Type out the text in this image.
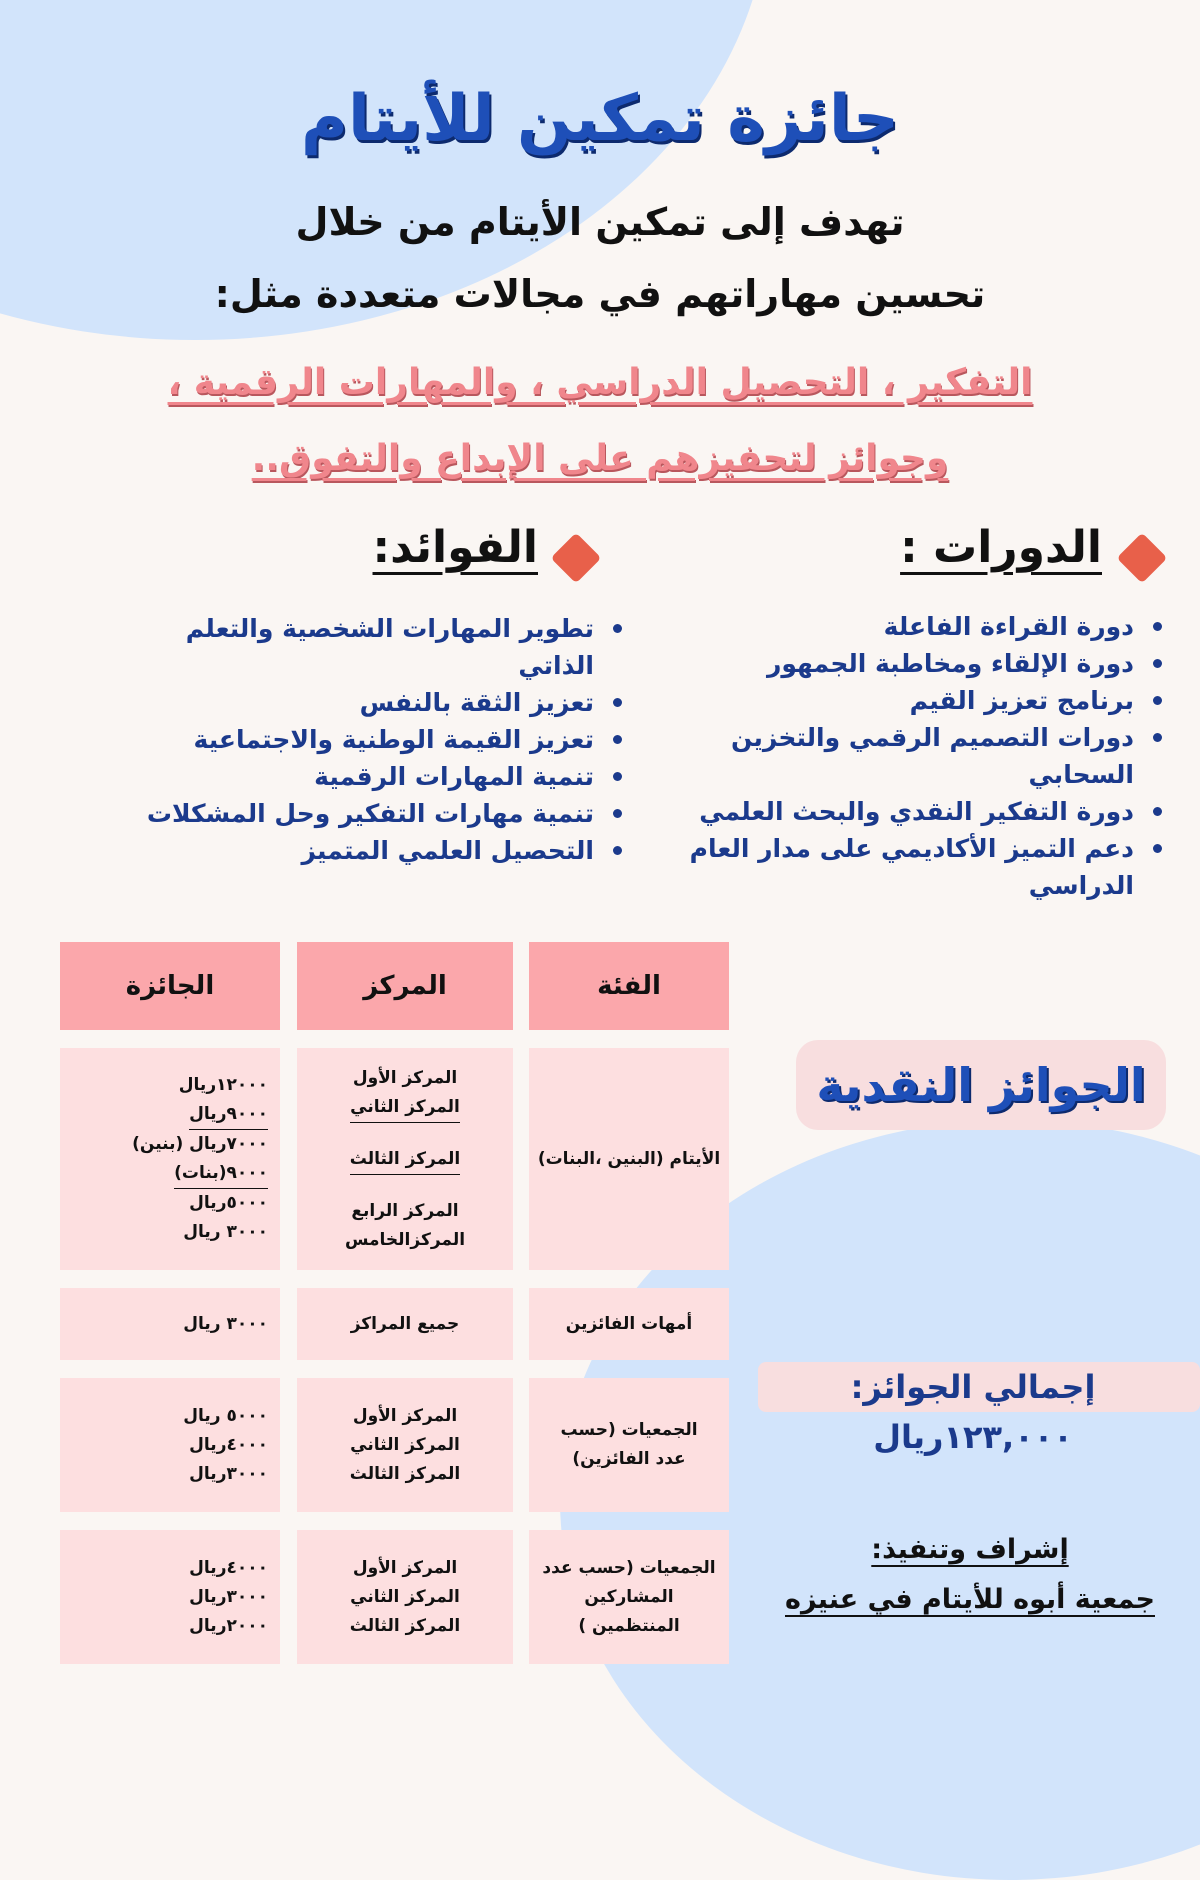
جائزة تمكين للأيتام
تهدف إلى تمكين الأيتام من خلال
تحسين مهاراتهم في مجالات متعددة مثل:
التفكير ، التحصيل الدراسي ، والمهارات الرقمية ،
وجوائز لتحفيزهم على الإبداع والتفوق..
الدورات :
دورة القراءة الفاعلة
دورة الإلقاء ومخاطبة الجمهور
برنامج تعزيز القيم
دورات التصميم الرقمي والتخزين السحابي
دورة التفكير النقدي والبحث العلمي
دعم التميز الأكاديمي على مدار العام الدراسي
الفوائد:
تطوير المهارات الشخصية والتعلم الذاتي
تعزيز الثقة بالنفس
تعزيز القيمة الوطنية والاجتماعية
تنمية المهارات الرقمية
تنمية مهارات التفكير وحل المشكلات
التحصيل العلمي المتميز
الفئة
المركز
الجائزة
الأيتام (البنين ،البنات)
المركز الأول
المركز الثاني
المركز الثالث
المركز الرابع
المركزالخامس
١٢٠٠٠ريال
٩٠٠٠ريال
٧٠٠٠ريال (بنين)
٩٠٠٠(بنات)
٥٠٠٠ريال
٣٠٠٠ ريال
أمهات الفائزين
جميع المراكز
٣٠٠٠ ريال
الجمعيات (حسب عدد الفائزين)
المركز الأول
المركز الثاني
المركز الثالث
٥٠٠٠ ريال
٤٠٠٠ريال
٣٠٠٠ريال
الجمعيات (حسب عدد المشاركين المنتظمين )
المركز الأول
المركز الثاني
المركز الثالث
٤٠٠٠ريال
٣٠٠٠ريال
٢٠٠٠ريال
الجوائز النقدية
إجمالي الجوائز: ١٢٣,٠٠٠ريال
إشراف وتنفيذ:
جمعية أبوه للأيتام في عنيزه
